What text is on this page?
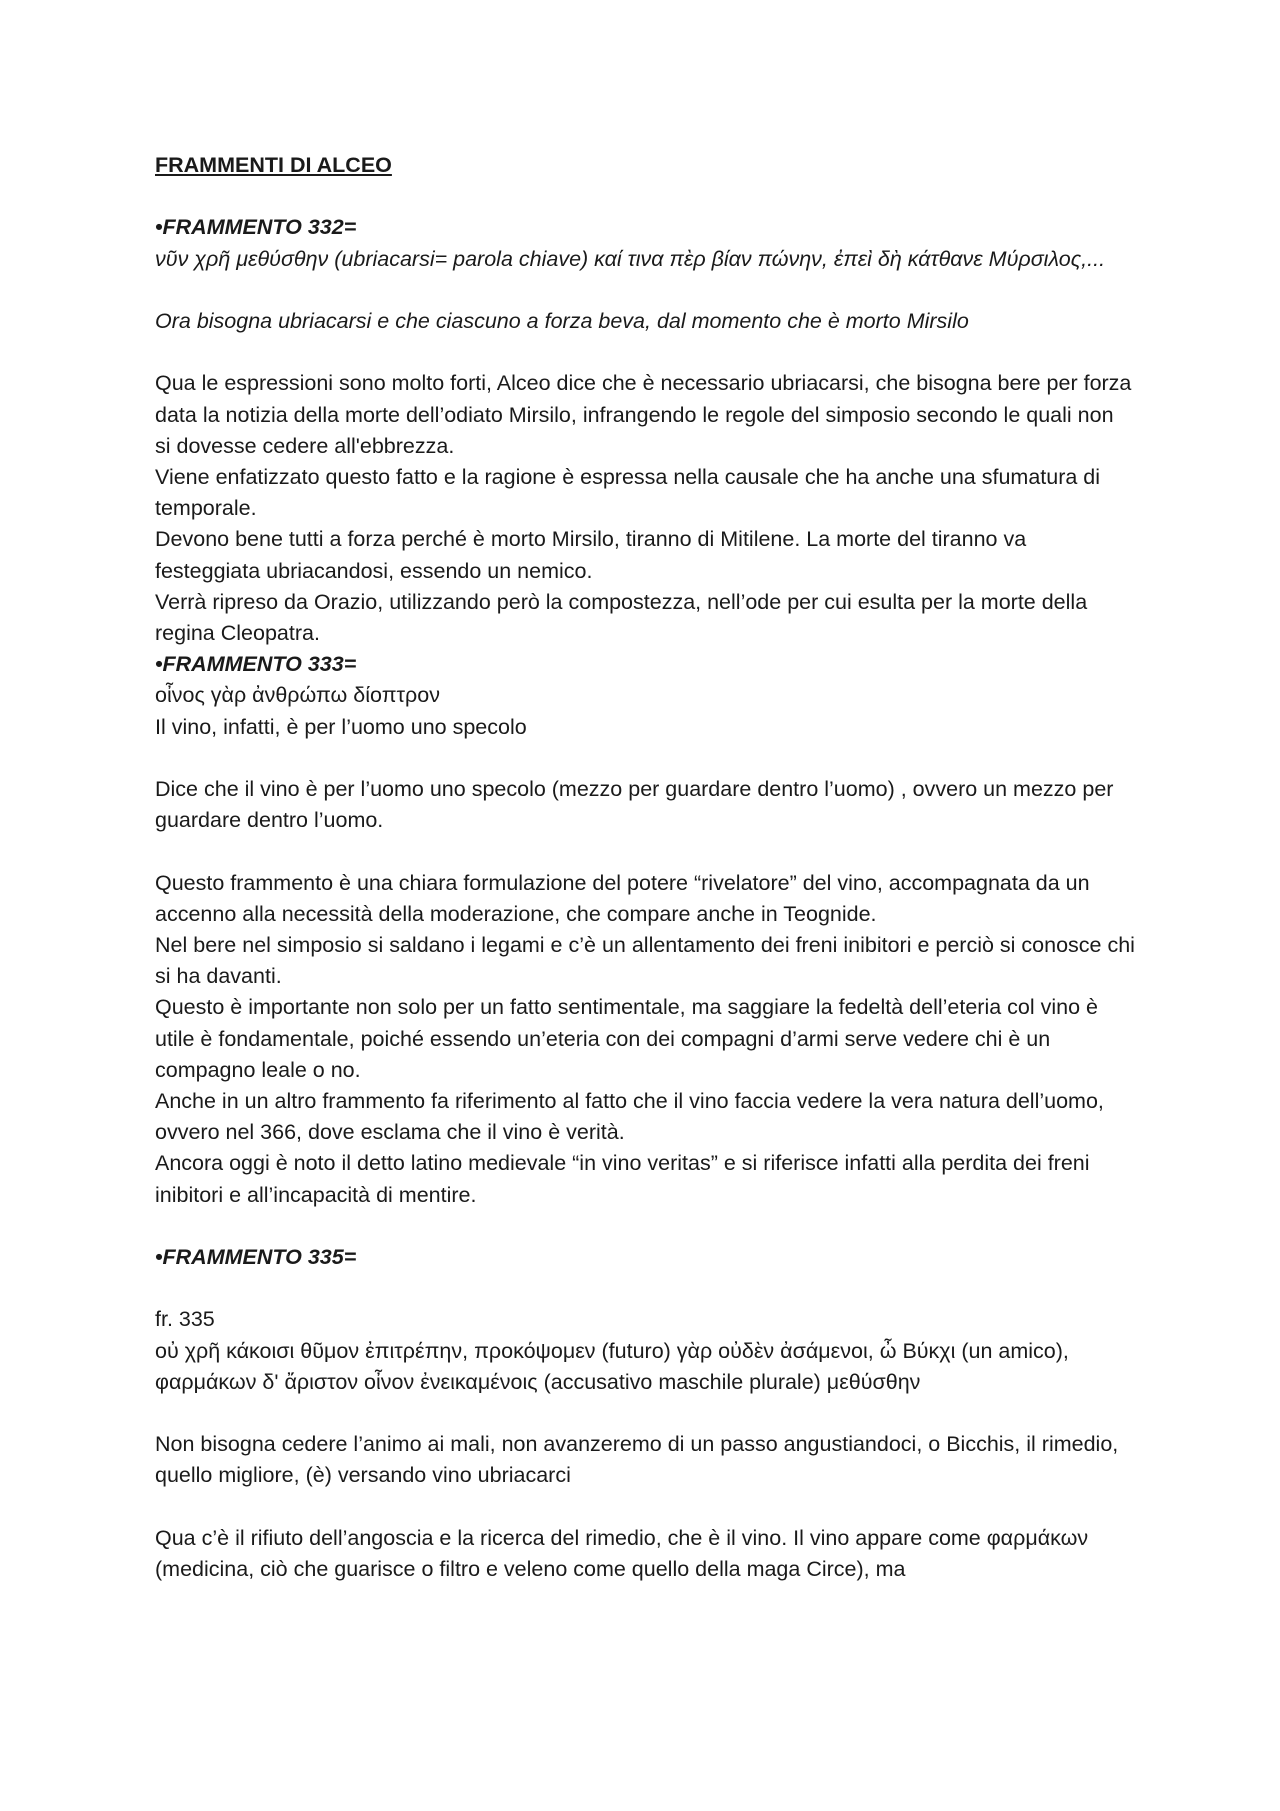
FRAMMENTI DI ALCEO

•FRAMMENTO 332=

νῦν χρῆ μεθύσθην (ubriacarsi= parola chiave) καί τινα πὲρ βίαν πώνην, ἐπεὶ δὴ κάτθανε Μύρσιλος,...

Ora bisogna ubriacarsi e che ciascuno a forza beva, dal momento che è morto Mirsilo

Qua le espressioni sono molto forti, Alceo dice che è necessario ubriacarsi, che bisogna bere per forza data la notizia della morte dell’odiato Mirsilo, infrangendo le regole del simposio secondo le quali non si dovesse cedere all'ebbrezza.

Viene enfatizzato questo fatto e la ragione è espressa nella causale che ha anche una sfumatura di temporale.

Devono bene tutti a forza perché è morto Mirsilo, tiranno di Mitilene. La morte del tiranno va festeggiata ubriacandosi, essendo un nemico.

Verrà ripreso da Orazio, utilizzando però la compostezza, nell’ode per cui esulta per la morte della regina Cleopatra.

•FRAMMENTO 333=

οἶνος γὰρ ἀνθρώπω δίοπτρον

Il vino, infatti, è per l’uomo uno specolo

Dice che il vino è per l’uomo uno specolo (mezzo per guardare dentro l’uomo) , ovvero un mezzo per guardare dentro l’uomo.

Questo frammento è una chiara formulazione del potere “rivelatore” del vino, accompagnata da un accenno alla necessità della moderazione, che compare anche in Teognide.

Nel bere nel simposio si saldano i legami e c’è un allentamento dei freni inibitori e perciò si conosce chi si ha davanti.

Questo è importante non solo per un fatto sentimentale, ma saggiare la fedeltà dell’eteria col vino è utile è fondamentale, poiché essendo un’eteria con dei compagni d’armi serve vedere chi è un compagno leale o no.

Anche in un altro frammento fa riferimento al fatto che il vino faccia vedere la vera natura dell’uomo, ovvero nel 366, dove esclama che il vino è verità.

Ancora oggi è noto il detto latino medievale “in vino veritas” e si riferisce infatti alla perdita dei freni inibitori e all’incapacità di mentire.

•FRAMMENTO 335=

fr. 335

οὐ χρῆ κάκοισι θῦμον ἐπιτρέπην, προκόψομεν (futuro) γὰρ οὐδὲν ἀσάμενοι, ὦ Βύκχι (un amico), φαρμάκων δ' ἄριστον οἶνον ἐνεικαμένοις (accusativo maschile plurale) μεθύσθην

Non bisogna cedere l’animo ai mali, non avanzeremo di un passo angustiandoci, o Bicchis, il rimedio, quello migliore, (è) versando vino ubriacarci

Qua c’è il rifiuto dell’angoscia e la ricerca del rimedio, che è il vino. Il vino appare come φαρμάκων (medicina, ciò che guarisce o filtro e veleno come quello della maga Circe), ma
